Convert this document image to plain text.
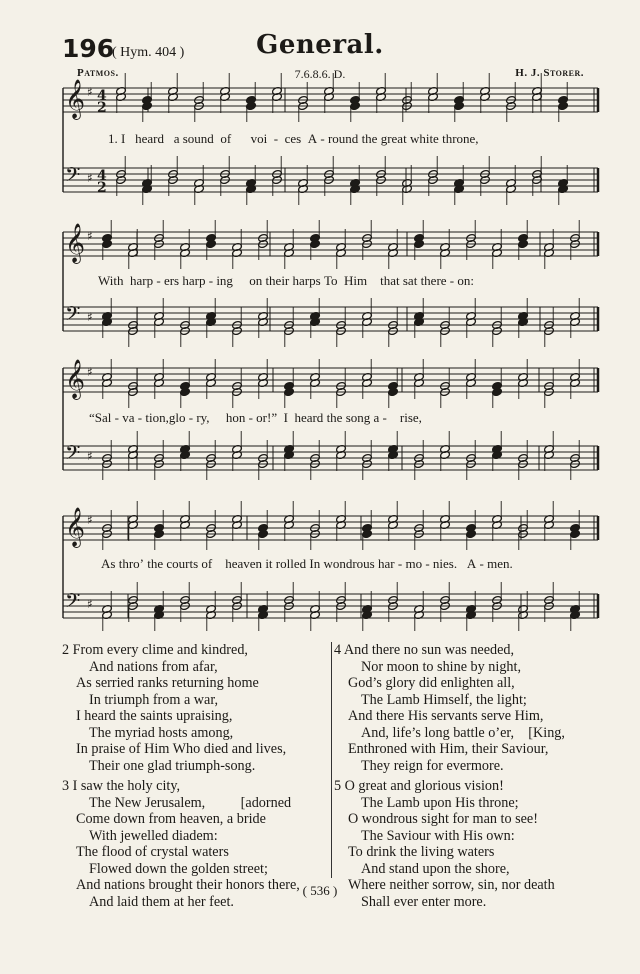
196
( Hym. 404 )	General.
Patmos.	7.6.8.6. D.	H. J. Storer.
𝄞 ♯ 4
2
𝄢 ♯ 4
2
𝄞 ♯
𝄢 ♯
𝄞 ♯
𝄢 ♯
𝄞 ♯
𝄢 ♯
1. I heard a sound of voi - ces A - round the great white throne,
With harp - ers harp - ing on their harps To Him that sat there - on:
“Sal - va - tion,glo - ry, hon - or!” I heard the song a - rise,
As thro’ the courts of heaven it rolled In wondrous har - mo - nies. A - men.
2 From every clime and kindred,
And nations from afar,
As serried ranks returning home
In triumph from a war,
I heard the saints upraising,
The myriad hosts among,
In praise of Him Who died and lives,
Their one glad triumph-song.
3 I saw the holy city,
The New Jerusalem,          [adorned
Come down from heaven, a bride
With jewelled diadem:
The flood of crystal waters
Flowed down the golden street;
And nations brought their honors there,
And laid them at her feet.
4 And there no sun was needed,
Nor moon to shine by night,
God’s glory did enlighten all,
The Lamb Himself, the light;
And there His servants serve Him,
And, life’s long battle o’er,    [King,
Enthroned with Him, their Saviour,
They reign for evermore.
5 O great and glorious vision!
The Lamb upon His throne;
O wondrous sight for man to see!
The Saviour with His own:
To drink the living waters
And stand upon the shore,
Where neither sorrow, sin, nor death
Shall ever enter more.
( 536 )
